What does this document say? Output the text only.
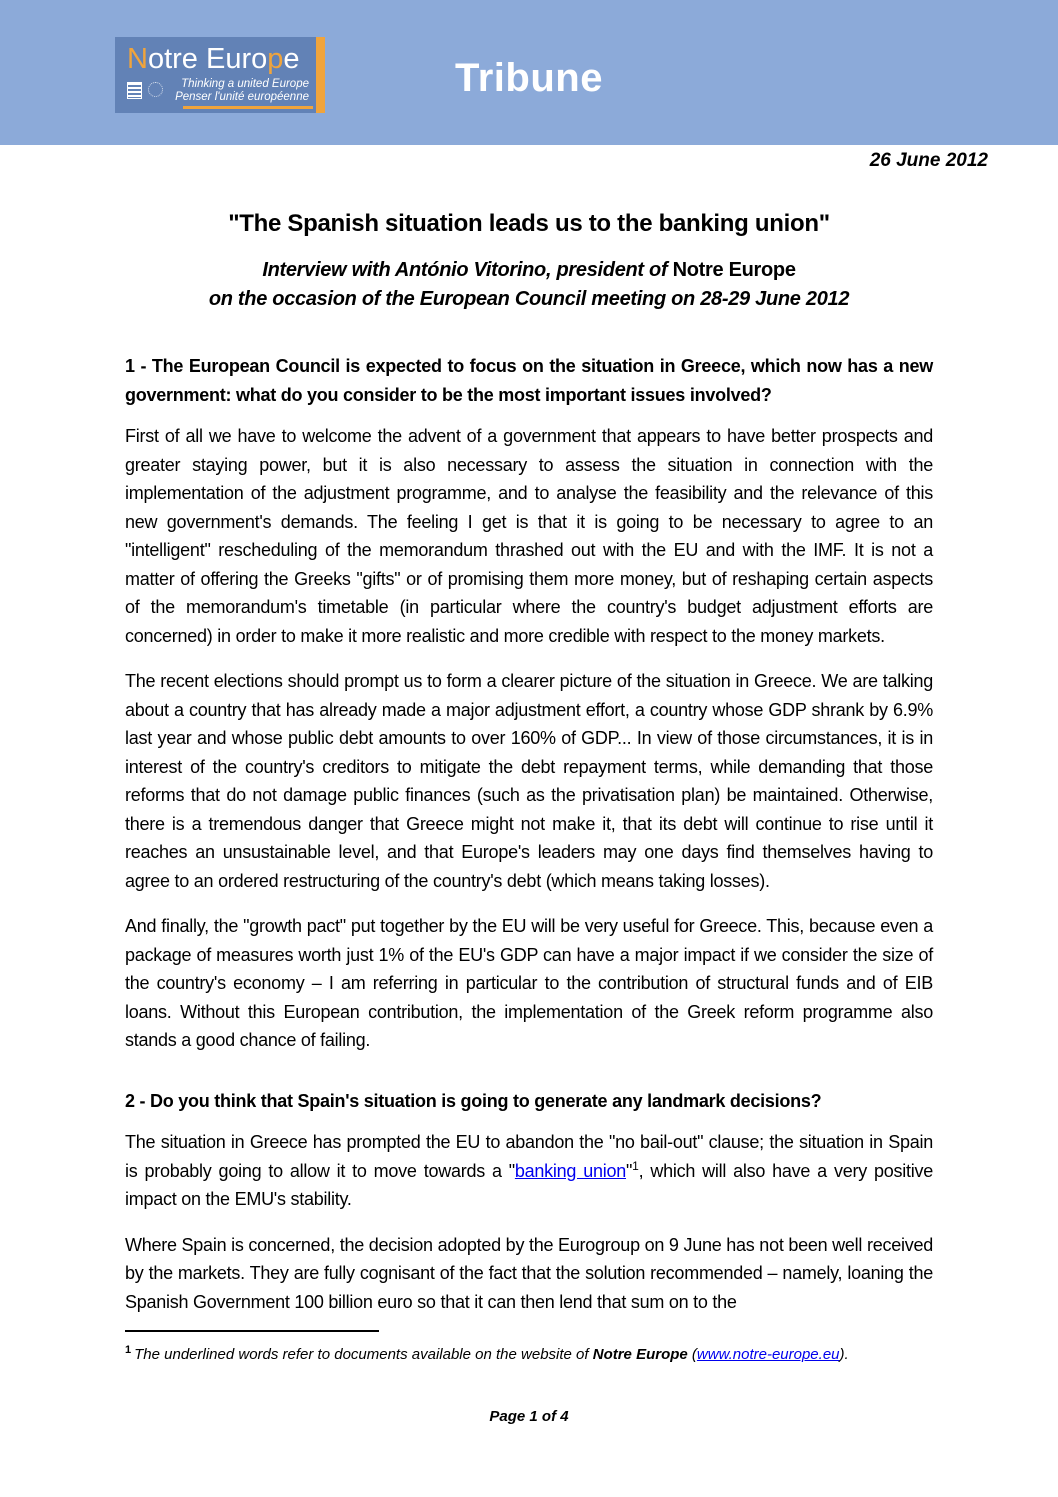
Notre Europe
Thinking a united Europe
Penser l'unité européenne	Tribune
26 June 2012
"The Spanish situation leads us to the banking union"
Interview with António Vitorino, president of Notre Europe
on the occasion of the European Council meeting on 28-29 June 2012

1 - The European Council is expected to focus on the situation in Greece, which now has a new government: what do you consider to be the most important issues involved?

First of all we have to welcome the advent of a government that appears to have better prospects and greater staying power, but it is also necessary to assess the situation in connection with the implementation of the adjustment programme, and to analyse the feasibility and the relevance of this new government's demands. The feeling I get is that it is going to be necessary to agree to an "intelligent" rescheduling of the memorandum thrashed out with the EU and with the IMF. It is not a matter of offering the Greeks "gifts" or of promising them more money, but of reshaping certain aspects of the memorandum's timetable (in particular where the country's budget adjustment efforts are concerned) in order to make it more realistic and more credible with respect to the money markets.

The recent elections should prompt us to form a clearer picture of the situation in Greece. We are talking about a country that has already made a major adjustment effort, a country whose GDP shrank by 6.9% last year and whose public debt amounts to over 160% of GDP... In view of those circumstances, it is in interest of the country's creditors to mitigate the debt repayment terms, while demanding that those reforms that do not damage public finances (such as the privatisation plan) be maintained. Otherwise, there is a tremendous danger that Greece might not make it, that its debt will continue to rise until it reaches an unsustainable level, and that Europe's leaders may one days find themselves having to agree to an ordered restructuring of the country's debt (which means taking losses).

And finally, the "growth pact" put together by the EU will be very useful for Greece. This, because even a package of measures worth just 1% of the EU's GDP can have a major impact if we consider the size of the country's economy – I am referring in particular to the contribution of structural funds and of EIB loans. Without this European contribution, the implementation of the Greek reform programme also stands a good chance of failing.

2 - Do you think that Spain's situation is going to generate any landmark decisions?

The situation in Greece has prompted the EU to abandon the "no bail-out" clause; the situation in Spain is probably going to allow it to move towards a "banking union"$^1$, which will also have a very positive impact on the EMU's stability.

Where Spain is concerned, the decision adopted by the Eurogroup on 9 June has not been well received by the markets. They are fully cognisant of the fact that the solution recommended – namely, loaning the Spanish Government 100 billion euro so that it can then lend that sum on to the

$^1$ The underlined words refer to documents available on the website of Notre Europe (www.notre-europe.eu).
Page 1 of 4
